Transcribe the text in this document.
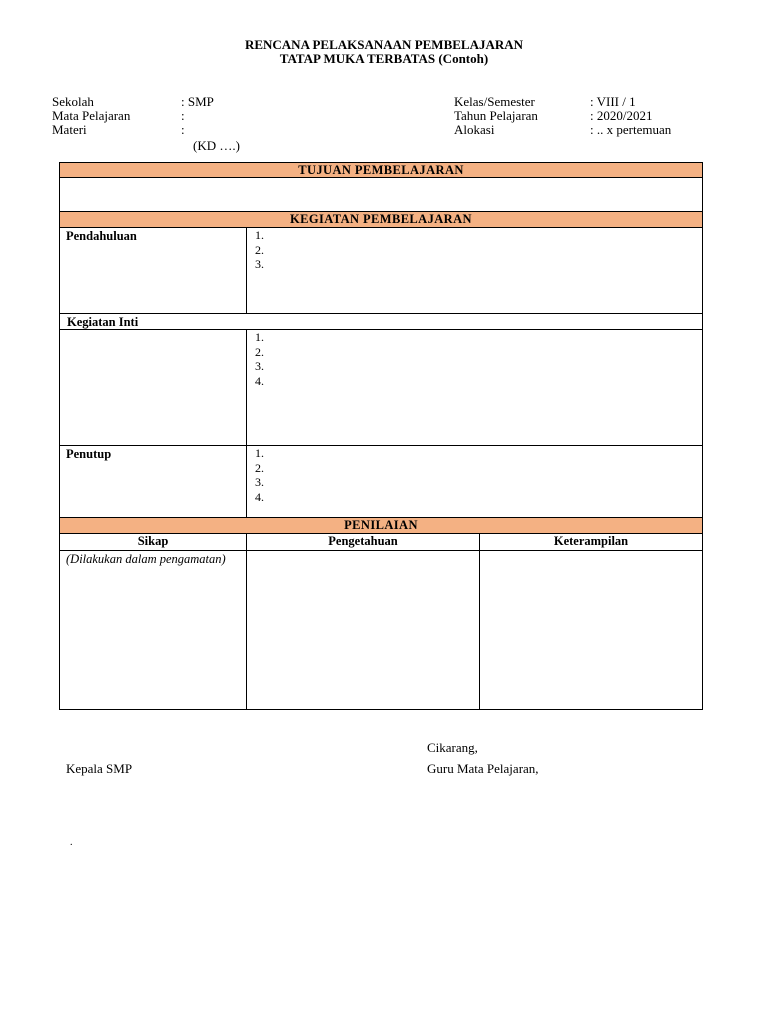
RENCANA PELAKSANAAN PEMBELAJARAN
TATAP MUKA TERBATAS (Contoh)
Sekolah	: SMP
Mata Pelajaran	:
Materi	:
(KD ….)
Kelas/Semester	: VIII / 1
Tahun Pelajaran	: 2020/2021
Alokasi	: .. x pertemuan
TUJUAN PEMBELAJARAN
KEGIATAN PEMBELAJARAN
Pendahuluan	1.
2.
3.
Kegiatan Inti
1.
2.
3.
4.
Penutup	1.
2.
3.
4.
PENILAIAN
Sikap	Pengetahuan	Keterampilan
(Dilakukan dalam pengamatan)
Cikarang,
Kepala SMP	Guru Mata Pelajaran,
.
